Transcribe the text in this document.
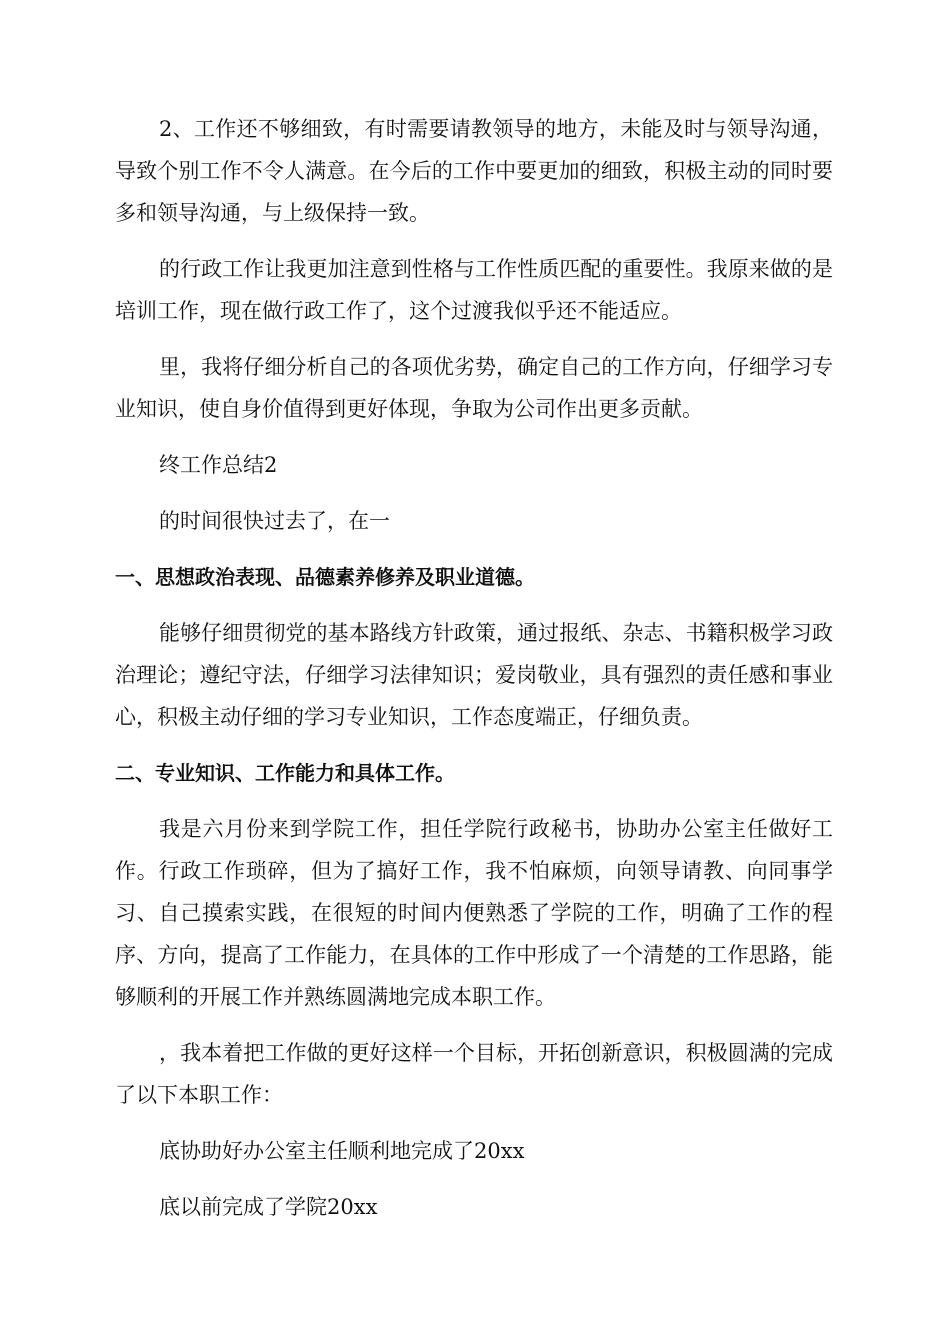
2、工作还不够细致，有时需要请教领导的地方，未能及时与领导沟通，导致个别工作不令人满意。在今后的工作中要更加的细致，积极主动的同时要多和领导沟通，与上级保持一致。
的行政工作让我更加注意到性格与工作性质匹配的重要性。我原来做的是培训工作，现在做行政工作了，这个过渡我似乎还不能适应。
里，我将仔细分析自己的各项优劣势，确定自己的工作方向，仔细学习专业知识，使自身价值得到更好体现，争取为公司作出更多贡献。
终工作总结2
的时间很快过去了，在一
一、思想政治表现、品德素养修养及职业道德。
能够仔细贯彻党的基本路线方针政策，通过报纸、杂志、书籍积极学习政治理论；遵纪守法，仔细学习法律知识；爱岗敬业，具有强烈的责任感和事业心，积极主动仔细的学习专业知识，工作态度端正，仔细负责。
二、专业知识、工作能力和具体工作。
我是六月份来到学院工作，担任学院行政秘书，协助办公室主任做好工作。行政工作琐碎，但为了搞好工作，我不怕麻烦，向领导请教、向同事学习、自己摸索实践，在很短的时间内便熟悉了学院的工作，明确了工作的程序、方向，提高了工作能力，在具体的工作中形成了一个清楚的工作思路，能够顺利的开展工作并熟练圆满地完成本职工作。
，我本着把工作做的更好这样一个目标，开拓创新意识，积极圆满的完成了以下本职工作：
底协助好办公室主任顺利地完成了20xx
底以前完成了学院20xx
